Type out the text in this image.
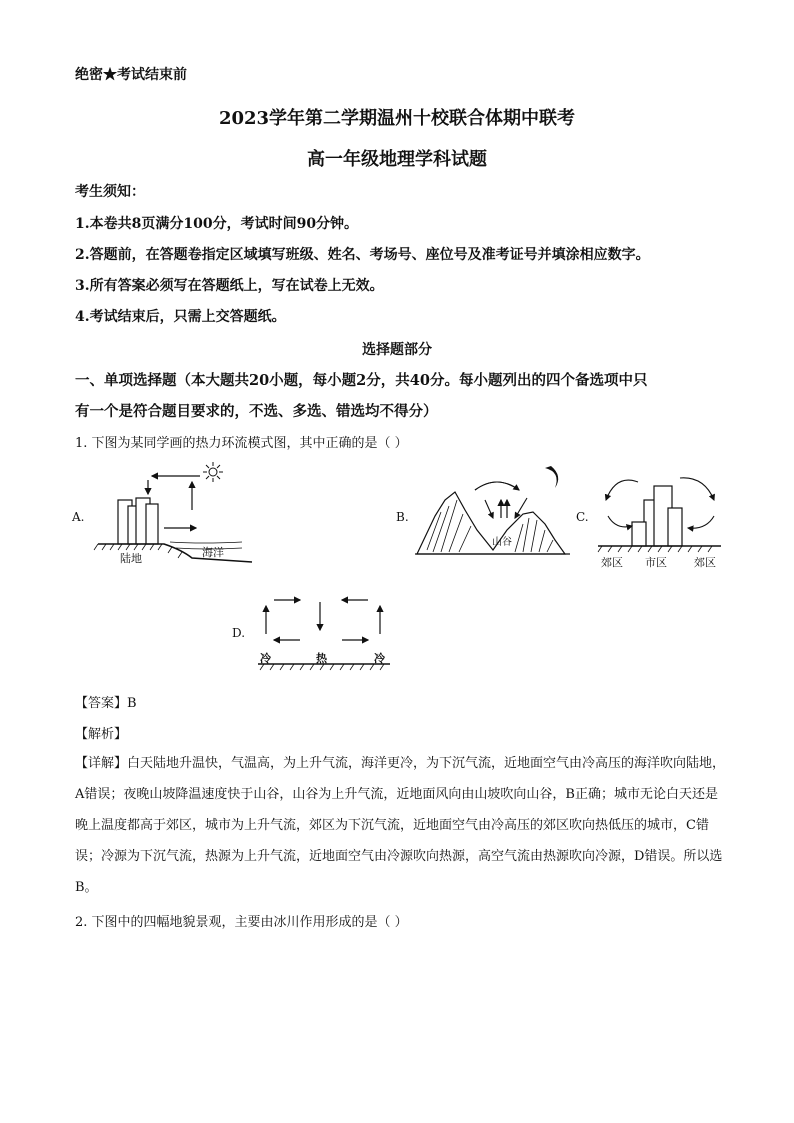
绝密★考试结束前
2023学年第二学期温州十校联合体期中联考
高一年级地理学科试题
考生须知：
1.本卷共8页满分100分，考试时间90分钟。
2.答题前，在答题卷指定区域填写班级、姓名、考场号、座位号及准考证号并填涂相应数字。
3.所有答案必须写在答题纸上，写在试卷上无效。
4.考试结束后，只需上交答题纸。
选择题部分
一、单项选择题（本大题共20小题，每小题2分，共40分。每小题列出的四个备选项中只
有一个是符合题目要求的，不选、多选、错选均不得分）
1. 下图为某同学画的热力环流模式图，其中正确的是（ ）
A.
陆地	海洋
B.
山谷
C.
郊区 市区 郊区
D.
冷	热	冷
【答案】B
【解析】
【详解】白天陆地升温快，气温高，为上升气流，海洋更冷，为下沉气流，近地面空气由冷高压的海洋吹向陆地，A错误；夜晚山坡降温速度快于山谷，山谷为上升气流，近地面风向由山坡吹向山谷，B正确；城市无论白天还是晚上温度都高于郊区，城市为上升气流，郊区为下沉气流，近地面空气由冷高压的郊区吹向热低压的城市，C错误；冷源为下沉气流，热源为上升气流，近地面空气由冷源吹向热源，高空气流由热源吹向冷源，D错误。所以选B。
2. 下图中的四幅地貌景观，主要由冰川作用形成的是（ ）
